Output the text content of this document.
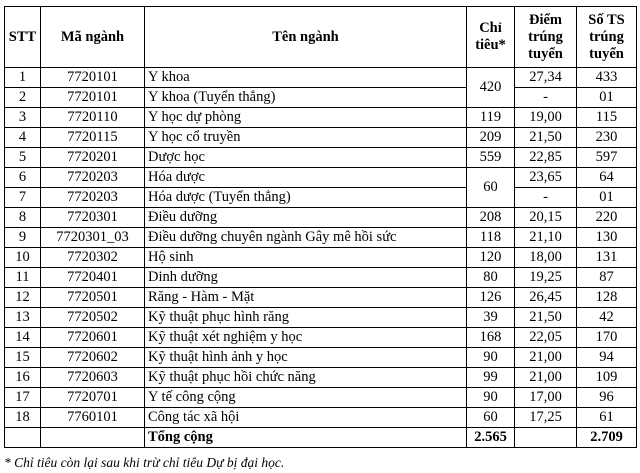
STT	Mã ngành	Tên ngành	Chỉ tiêu*	Điểm trúng tuyển	Số TS trúng tuyển
1	7720101	Y khoa	420	27,34	433
2	7720101	Y khoa (Tuyển thẳng)		-	01
3	7720110	Y học dự phòng	119	19,00	115
4	7720115	Y học cổ truyền	209	21,50	230
5	7720201	Dược học	559	22,85	597
6	7720203	Hóa dược	60	23,65	64
7	7720203	Hóa dược (Tuyển thẳng)		-	01
8	7720301	Điều dưỡng	208	20,15	220
9	7720301_03	Điều dưỡng chuyên ngành Gây mê hồi sức	118	21,10	130
10	7720302	Hộ sinh	120	18,00	131
11	7720401	Dinh dưỡng	80	19,25	87
12	7720501	Răng - Hàm - Mặt	126	26,45	128
13	7720502	Kỹ thuật phục hình răng	39	21,50	42
14	7720601	Kỹ thuật xét nghiệm y học	168	22,05	170
15	7720602	Kỹ thuật hình ảnh y học	90	21,00	94
16	7720603	Kỹ thuật phục hồi chức năng	99	21,00	109
17	7720701	Y tế công cộng	90	17,00	96
18	7760101	Công tác xã hội	60	17,25	61
		Tổng cộng	2.565		2.709
* Chỉ tiêu còn lại sau khi trừ chỉ tiêu Dự bị đại học.
